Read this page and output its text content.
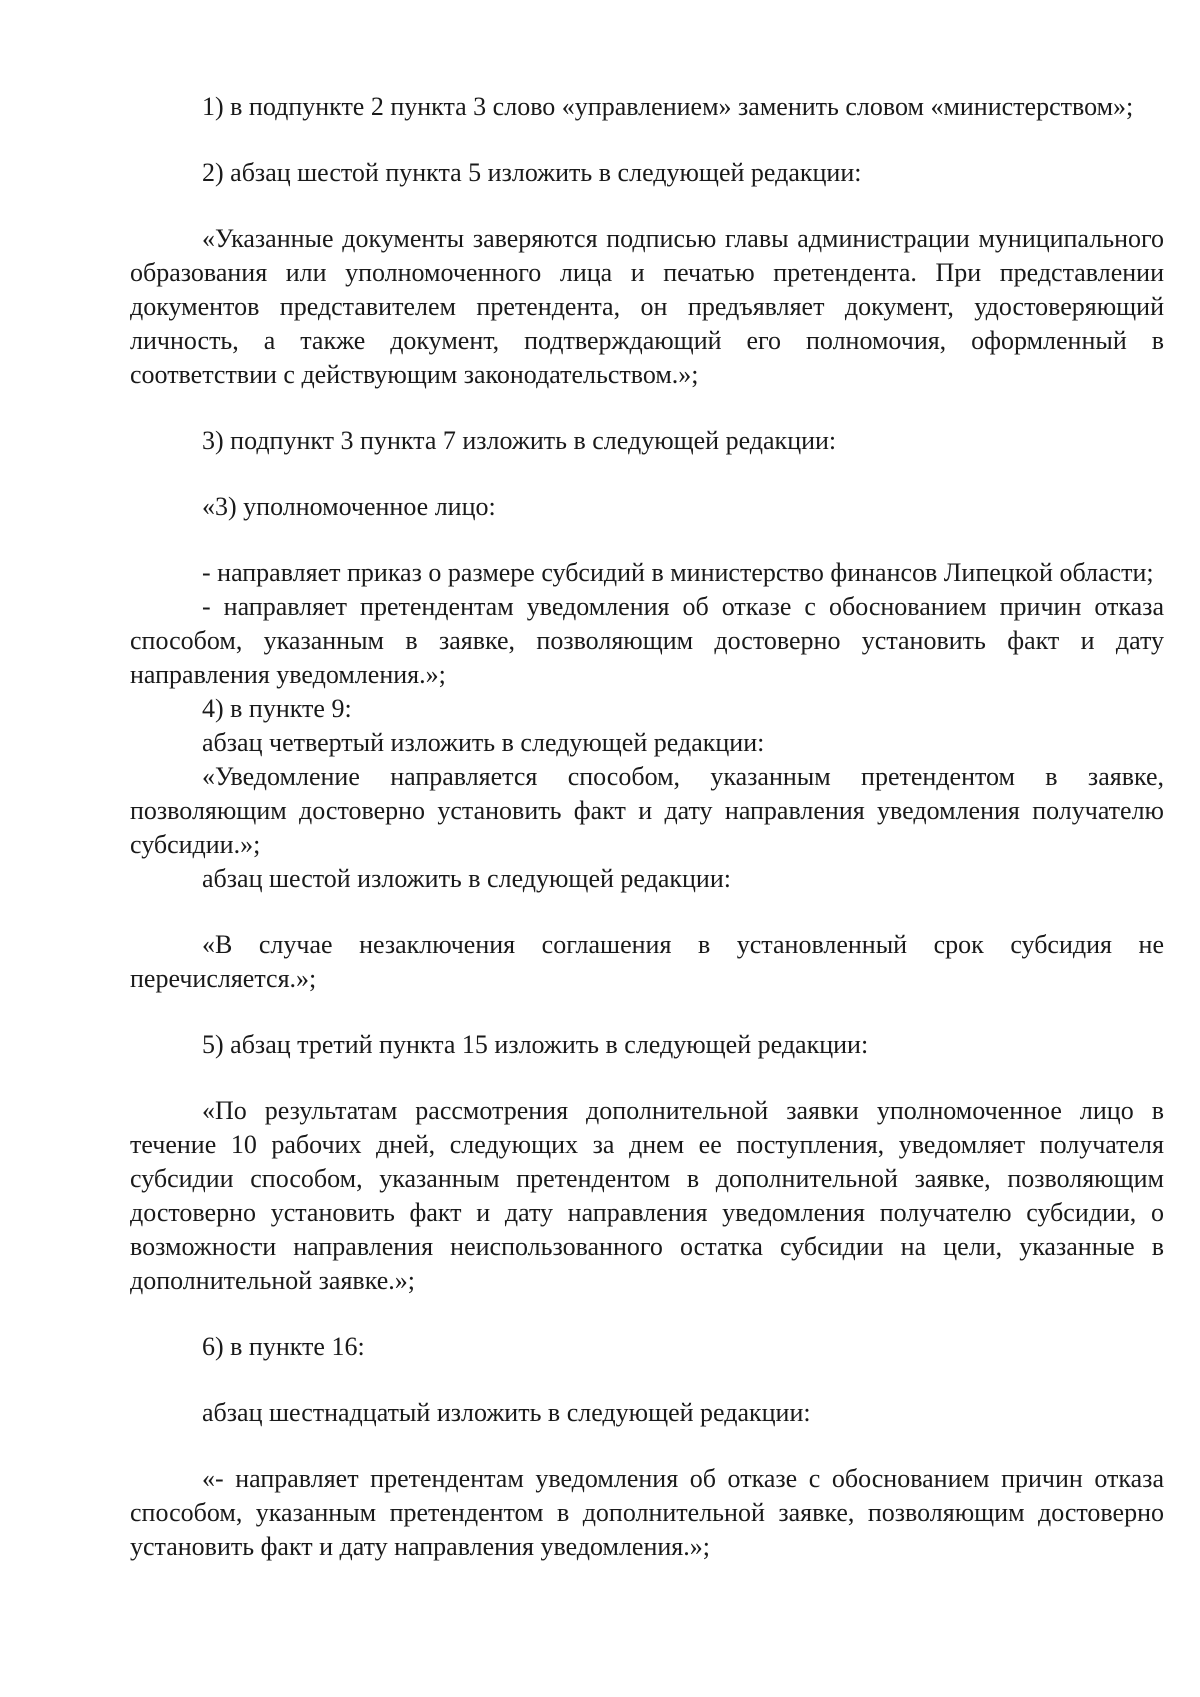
1) в подпункте 2 пункта 3 слово «управлением» заменить словом «министерством»;

2) абзац шестой пункта 5 изложить в следующей редакции:

«Указанные документы заверяются подписью главы администрации муниципального образования или уполномоченного лица и печатью претендента. При представлении документов представителем претендента, он предъявляет документ, удостоверяющий личность, а также документ, подтверждающий его полномочия, оформленный в соответствии с действующим законодательством.»;

3) подпункт 3 пункта 7 изложить в следующей редакции:

«3) уполномоченное лицо:

- направляет приказ о размере субсидий в министерство финансов Липецкой области;

- направляет претендентам уведомления об отказе с обоснованием причин отказа способом, указанным в заявке, позволяющим достоверно установить факт и дату направления уведомления.»;

4) в пункте 9:

абзац четвертый изложить в следующей редакции:

«Уведомление направляется способом, указанным претендентом в заявке, позволяющим достоверно установить факт и дату направления уведомления получателю субсидии.»;

абзац шестой изложить в следующей редакции:

«В случае незаключения соглашения в установленный срок субсидия не перечисляется.»;

5) абзац третий пункта 15 изложить в следующей редакции:

«По результатам рассмотрения дополнительной заявки уполномоченное лицо в течение 10 рабочих дней, следующих за днем ее поступления, уведомляет получателя субсидии способом, указанным претендентом в дополнительной заявке, позволяющим достоверно установить факт и дату направления уведомления получателю субсидии, о возможности направления неиспользованного остатка субсидии на цели, указанные в дополнительной заявке.»;

6) в пункте 16:

абзац шестнадцатый изложить в следующей редакции:

«- направляет претендентам уведомления об отказе с обоснованием причин отказа способом, указанным претендентом в дополнительной заявке, позволяющим достоверно установить факт и дату направления уведомления.»;
